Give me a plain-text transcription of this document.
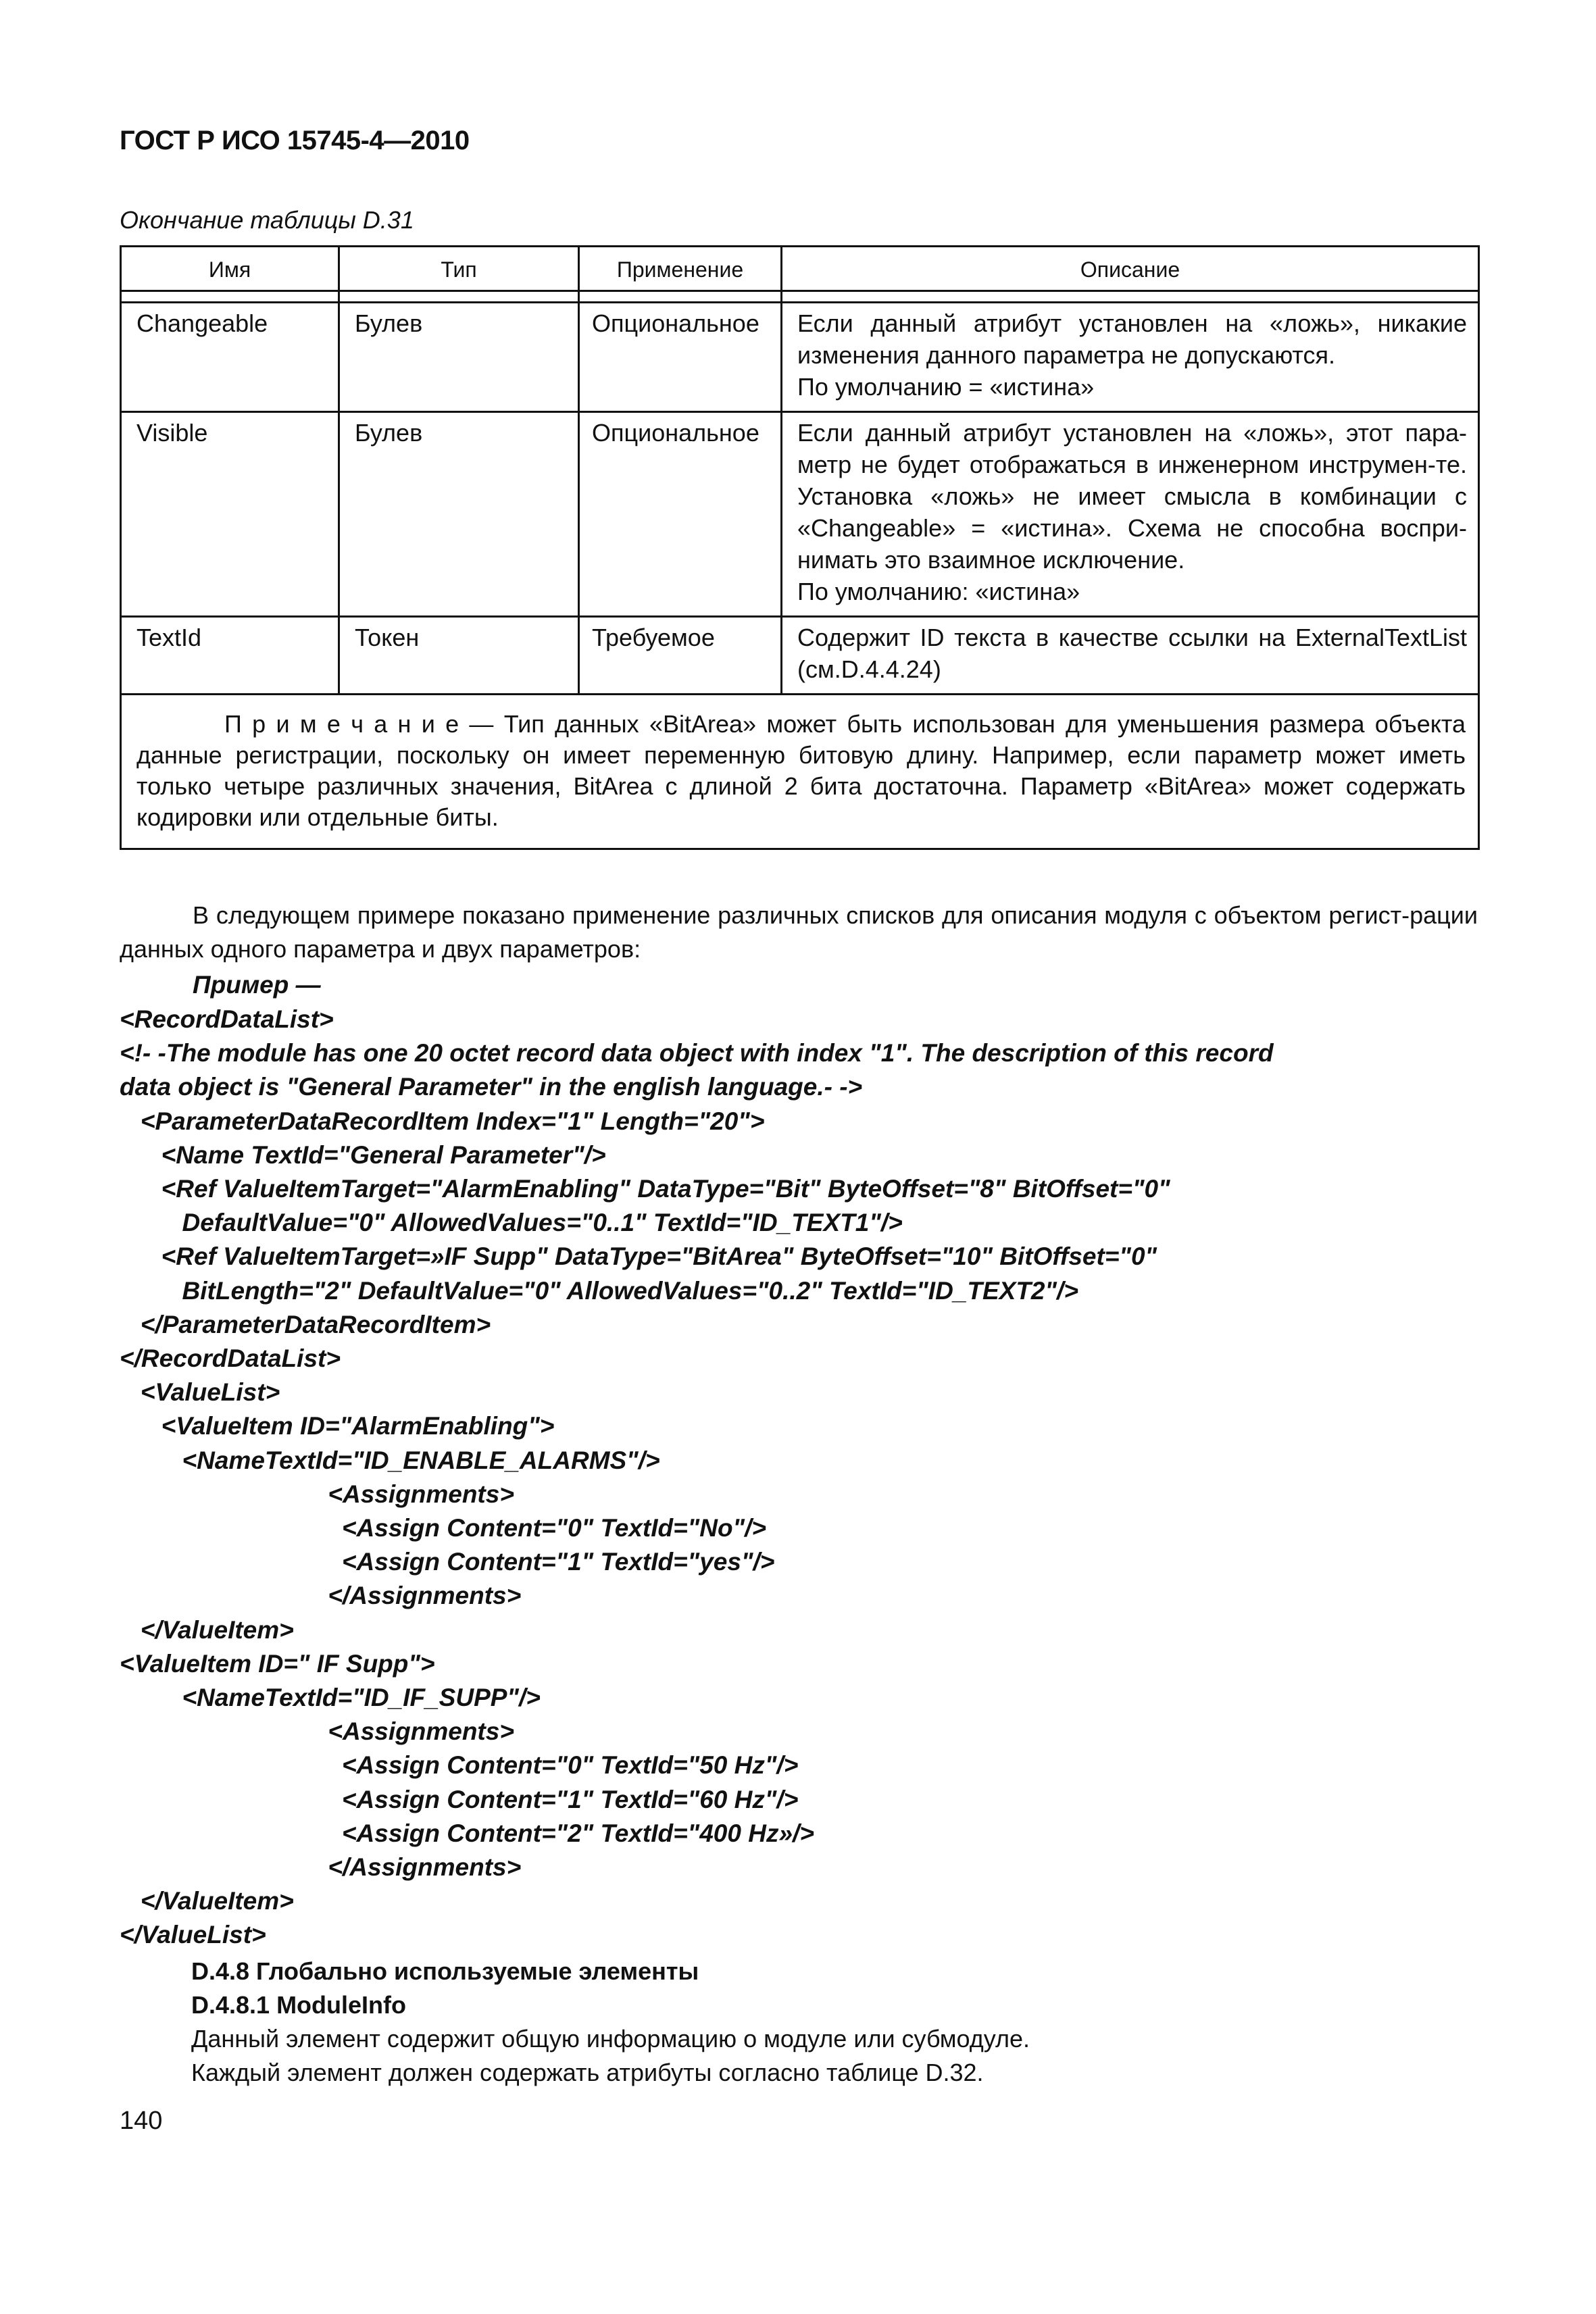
ГОСТ Р ИСО 15745-4—2010
Окончание таблицы D.31
Имя	Тип	Применение	Описание

Changeable	Булев	Опциональное	Если данный атрибут установлен на «ложь», никакие изменения данного параметра не допускаются.
По умолчанию = «истина»

Visible	Булев	Опциональное	Если данный атрибут установлен на «ложь», этот пара-метр не будет отображаться в инженерном инструмен-те. Установка «ложь» не имеет смысла в комбинации с «Changeable» = «истина». Схема не способна воспри-нимать это взаимное исключение.
По умолчанию: «истина»

TextId	Токен	Требуемое	Содержит ID текста в качестве ссылки на ExternalTextList (см.D.4.4.24)

П р и м е ч а н и е — Тип данных «BitArea» может быть использован для уменьшения размера объекта данные регистрации, поскольку он имеет переменную битовую длину. Например, если параметр может иметь только четыре различных значения, BitArea с длиной 2 бита достаточна. Параметр «BitArea» может содержать кодировки или отдельные биты.			
В следующем примере показано применение различных списков для описания модуля с объектом регист-рации данных одного параметра и двух параметров:
Пример —
<RecordDataList>
<!- -The module has one 20 octet record data object with index "1". The description of this record
data object is "General Parameter" in the english language.- ->
<ParameterDataRecordItem Index="1" Length="20">
<Name TextId="General Parameter"/>
<Ref ValueItemTarget="AlarmEnabling" DataType="Bit" ByteOffset="8" BitOffset="0"
DefaultValue="0" AllowedValues="0..1" TextId="ID_TEXT1"/>
<Ref ValueItemTarget=»IF Supp" DataType="BitArea" ByteOffset="10" BitOffset="0"
BitLength="2" DefaultValue="0" AllowedValues="0..2" TextId="ID_TEXT2"/>
</ParameterDataRecordItem>
</RecordDataList>
<ValueList>
<ValueItem ID="AlarmEnabling">
<NameTextId="ID_ENABLE_ALARMS"/>
<Assignments>
<Assign Content="0" TextId="No"/>
<Assign Content="1" TextId="yes"/>
</Assignments>
</ValueItem>
<ValueItem ID=" IF Supp">
<NameTextId="ID_IF_SUPP"/>
<Assignments>
<Assign Content="0" TextId="50 Hz"/>
<Assign Content="1" TextId="60 Hz"/>
<Assign Content="2" TextId="400 Hz»/>
</Assignments>
</ValueItem>
</ValueList>
D.4.8 Глобально используемые элементы
D.4.8.1 ModuleInfo
Данный элемент содержит общую информацию о модуле или субмодуле.
Каждый элемент должен содержать атрибуты согласно таблице D.32.
140
